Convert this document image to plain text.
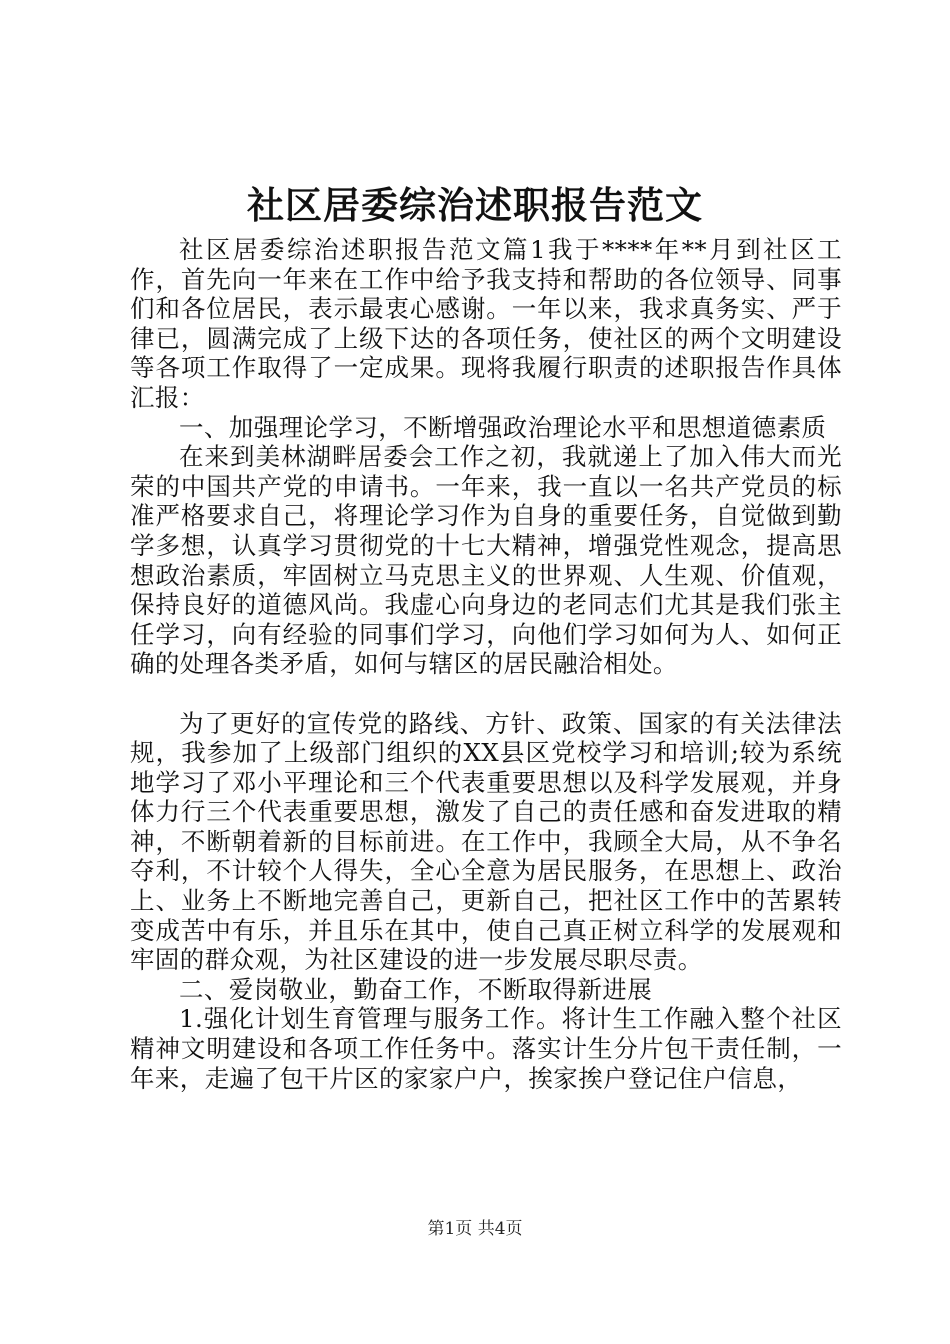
社区居委综治述职报告范文

社区居委综治述职报告范文篇1我于****年**月到社区工作，首先向一年来在工作中给予我支持和帮助的各位领导、同事们和各位居民，表示最衷心感谢。一年以来，我求真务实、严于律已，圆满完成了上级下达的各项任务，使社区的两个文明建设等各项工作取得了一定成果。现将我履行职责的述职报告作具体汇报：

一、加强理论学习，不断增强政治理论水平和思想道德素质

在来到美林湖畔居委会工作之初，我就递上了加入伟大而光荣的中国共产党的申请书。一年来，我一直以一名共产党员的标准严格要求自己，将理论学习作为自身的重要任务，自觉做到勤学多想，认真学习贯彻党的十七大精神，增强党性观念，提高思想政治素质，牢固树立马克思主义的世界观、人生观、价值观，保持良好的道德风尚。我虚心向身边的老同志们尤其是我们张主任学习，向有经验的同事们学习，向他们学习如何为人、如何正确的处理各类矛盾，如何与辖区的居民融洽相处。

为了更好的宣传党的路线、方针、政策、国家的有关法律法规，我参加了上级部门组织的XX县区党校学习和培训;较为系统地学习了邓小平理论和三个代表重要思想以及科学发展观，并身体力行三个代表重要思想，激发了自己的责任感和奋发进取的精神，不断朝着新的目标前进。在工作中，我顾全大局，从不争名夺利，不计较个人得失，全心全意为居民服务，在思想上、政治上、业务上不断地完善自己，更新自己，把社区工作中的苦累转变成苦中有乐，并且乐在其中，使自己真正树立科学的发展观和牢固的群众观，为社区建设的进一步发展尽职尽责。

二、爱岗敬业，勤奋工作，不断取得新进展

1.强化计划生育管理与服务工作。将计生工作融入整个社区精神文明建设和各项工作任务中。落实计生分片包干责任制，一年来，走遍了包干片区的家家户户，挨家挨户登记住户信息，

第1页 共4页
